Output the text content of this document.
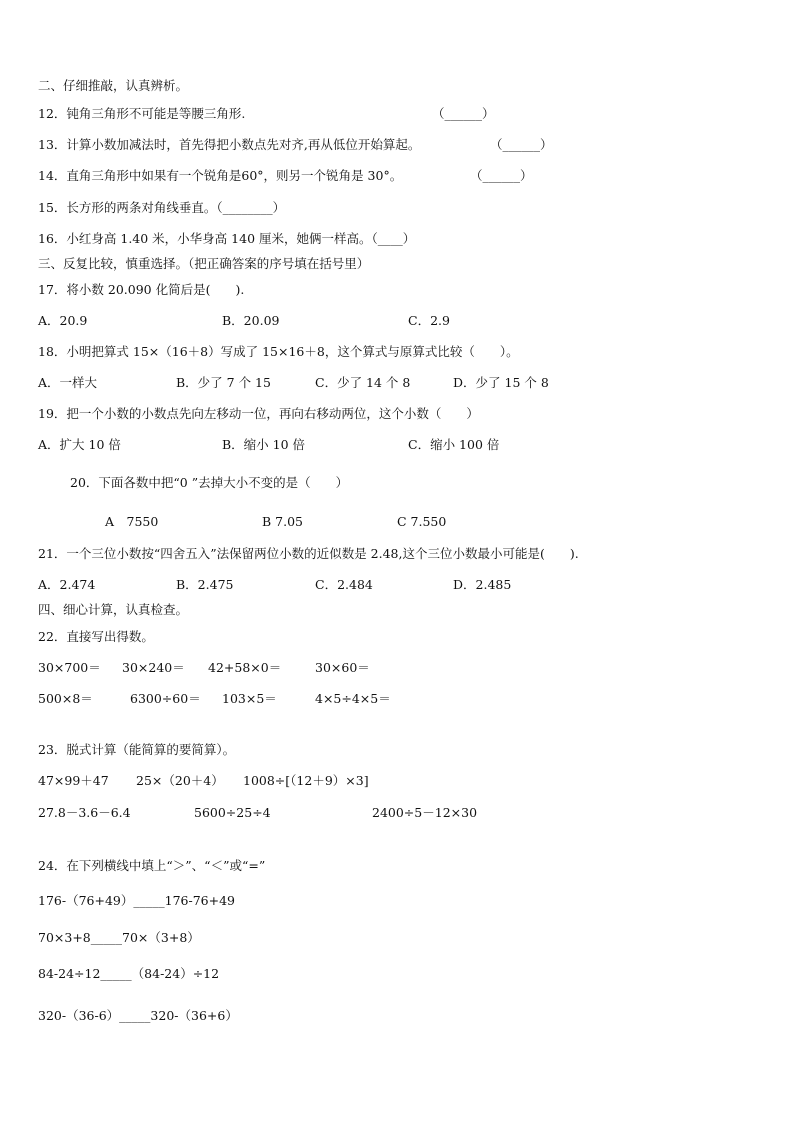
二、仔细推敲，认真辨析。
12．钝角三角形不可能是等腰三角形.	（______）
13．计算小数加减法时，首先得把小数点先对齐,再从低位开始算起。	（______）
14．直角三角形中如果有一个锐角是60°，则另一个锐角是 30°。	（______）
15．长方形的两条对角线垂直。（________）
16．小红身高 1.40 米，小华身高 140 厘米，她俩一样高。（____）
三、反复比较，慎重选择。（把正确答案的序号填在括号里）
17．将小数 20.090 化简后是(　　).
A．20.9	B．20.09	C．2.9
18．小明把算式 15×（16＋8）写成了 15×16＋8，这个算式与原算式比较（　　）。
A．一样大	B．少了 7 个 15	C．少了 14 个 8	D．少了 15 个 8
19．把一个小数的小数点先向左移动一位，再向右移动两位，这个小数（　　）
A．扩大 10 倍	B．缩小 10 倍	C．缩小 100 倍
20．下面各数中把“0 ”去掉大小不变的是（　　）
A　7550	B 7.05	C 7.550
21．一个三位小数按“四舍五入”法保留两位小数的近似数是 2.48,这个三位小数最小可能是(　　).
A．2.474	B．2.475	C．2.484	D．2.485
四、细心计算，认真检查。
22．直接写出得数。
30×700＝ 30×240＝ 42+58×0＝	30×60＝
500×8＝	6300÷60＝ 103×5＝	4×5÷4×5＝
23．脱式计算（能简算的要简算）。
47×99＋47 25×（20＋4） 1008÷[（12＋9）×3]
27.8－3.6－6.4	5600÷25÷4	2400÷5－12×30
24．在下列横线中填上“＞”、“＜”或“=”
176-（76+49）_____176-76+49
70×3+8_____70×（3+8）
84-24÷12_____（84-24）÷12
320-（36-6）_____320-（36+6）
